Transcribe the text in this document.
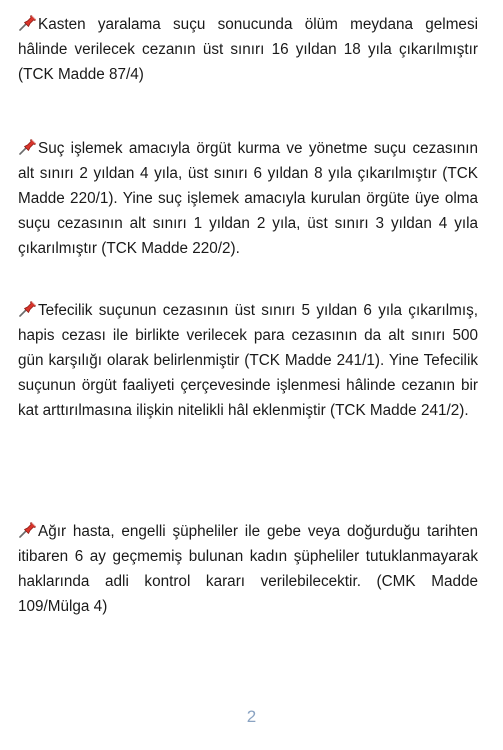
Kasten yaralama suçu sonucunda ölüm meydana gelmesi hâlinde verilecek cezanın üst sınırı 16 yıldan 18 yıla çıkarılmıştır (TCK Madde 87/4)

Suç işlemek amacıyla örgüt kurma ve yönetme suçu cezasının alt sınırı 2 yıldan 4 yıla, üst sınırı 6 yıldan 8 yıla çıkarılmıştır (TCK Madde 220/1). Yine suç işlemek amacıyla kurulan örgüte üye olma suçu cezasının alt sınırı 1 yıldan 2 yıla, üst sınırı 3 yıldan 4 yıla çıkarılmıştır (TCK Madde 220/2).

Tefecilik suçunun cezasının üst sınırı 5 yıldan 6 yıla çıkarılmış, hapis cezası ile birlikte verilecek para cezasının da alt sınırı 500 gün karşılığı olarak belirlenmiştir (TCK Madde 241/1). Yine Tefecilik suçunun örgüt faaliyeti çerçevesinde işlenmesi hâlinde cezanın bir kat arttırılmasına ilişkin nitelikli hâl eklenmiştir (TCK Madde 241/2).

Ağır hasta, engelli şüpheliler ile gebe veya doğurduğu tarihten itibaren 6 ay geçmemiş bulunan kadın şüpheliler tutuklanmayarak haklarında adli kontrol kararı verilebilecektir. (CMK Madde 109/Mülga 4)

2
